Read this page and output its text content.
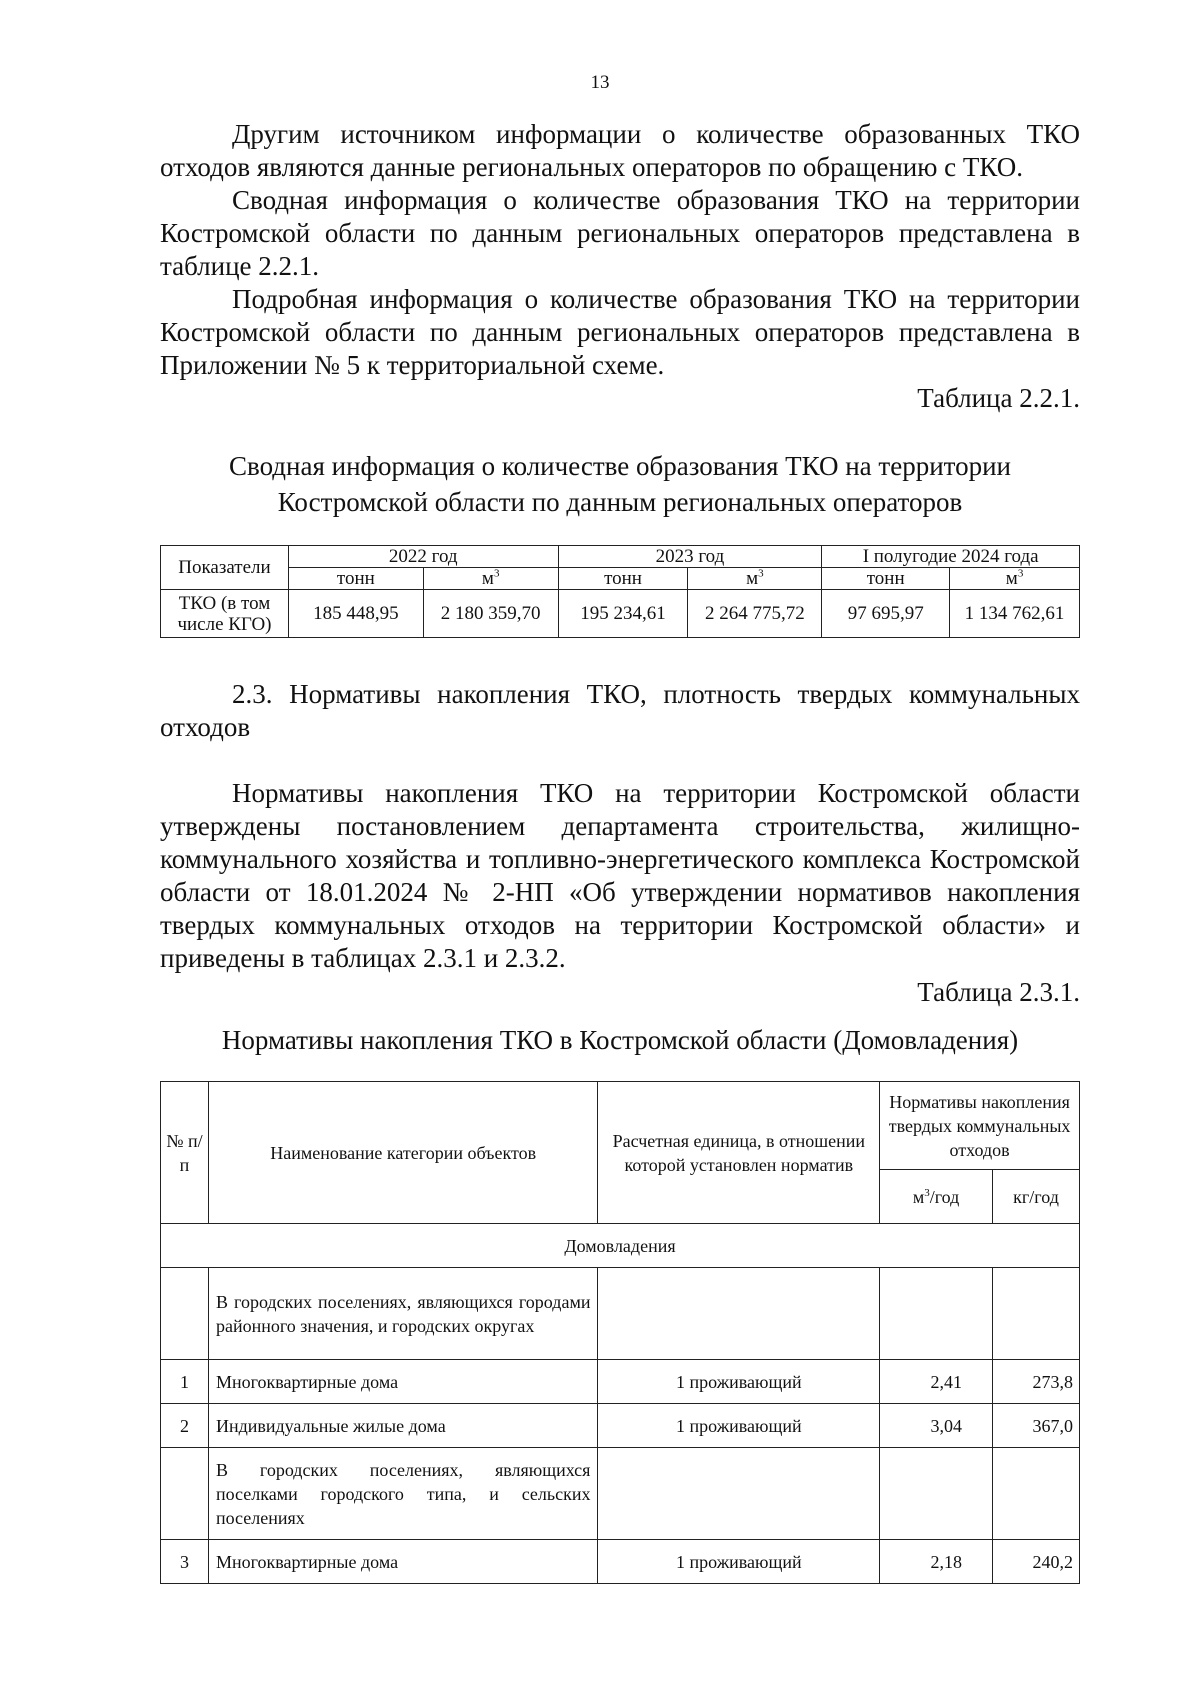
13
Другим источником информации о количестве образованных ТКО
отходов являются данные региональных операторов по обращению с ТКО.
Сводная информация о количестве образования ТКО на территории Костромской области по данным региональных операторов представлена в таблице 2.2.1.
Подробная информация о количестве образования ТКО на территории Костромской области по данным региональных операторов представлена в Приложении № 5 к территориальной схеме.
Таблица 2.2.1.
Сводная информация о количестве образования ТКО на территории
Костромской области по данным региональных операторов
Показатели	2022 год		2023 год		I полугодие 2024 года	
	тонн	$м^3$	тонн	$м^3$	тонн	$м^3$
ТКО (в том числе КГО)	185 448,95	2 180 359,70	195 234,61	2 264 775,72	97 695,97	1 134 762,61
2.3. Нормативы накопления ТКО, плотность твердых коммунальных отходов
Нормативы накопления ТКО на территории Костромской области утверждены постановлением департамента строительства, жилищно-коммунального хозяйства и топливно-энергетического комплекса Костромской области от 18.01.2024 № 2-НП «Об утверждении нормативов накопления твердых коммунальных отходов на территории Костромской области» и приведены в таблицах 2.3.1 и 2.3.2.
Таблица 2.3.1.
Нормативы накопления ТКО в Костромской области (Домовладения)
№ п/п	Наименование категории объектов	Расчетная единица, в отношении которой установлен норматив	Нормативы накопления твердых коммунальных отходов	
			$м^3$/год	кг/год
Домовладения				
	В городских поселениях, являющихся городами районного значения, и городских округах			
1	Многоквартирные дома	1 проживающий	2,41	273,8
2	Индивидуальные жилые дома	1 проживающий	3,04	367,0
	В городских поселениях, являющихся поселками городского типа, и сельских поселениях			
3	Многоквартирные дома	1 проживающий	2,18	240,2
